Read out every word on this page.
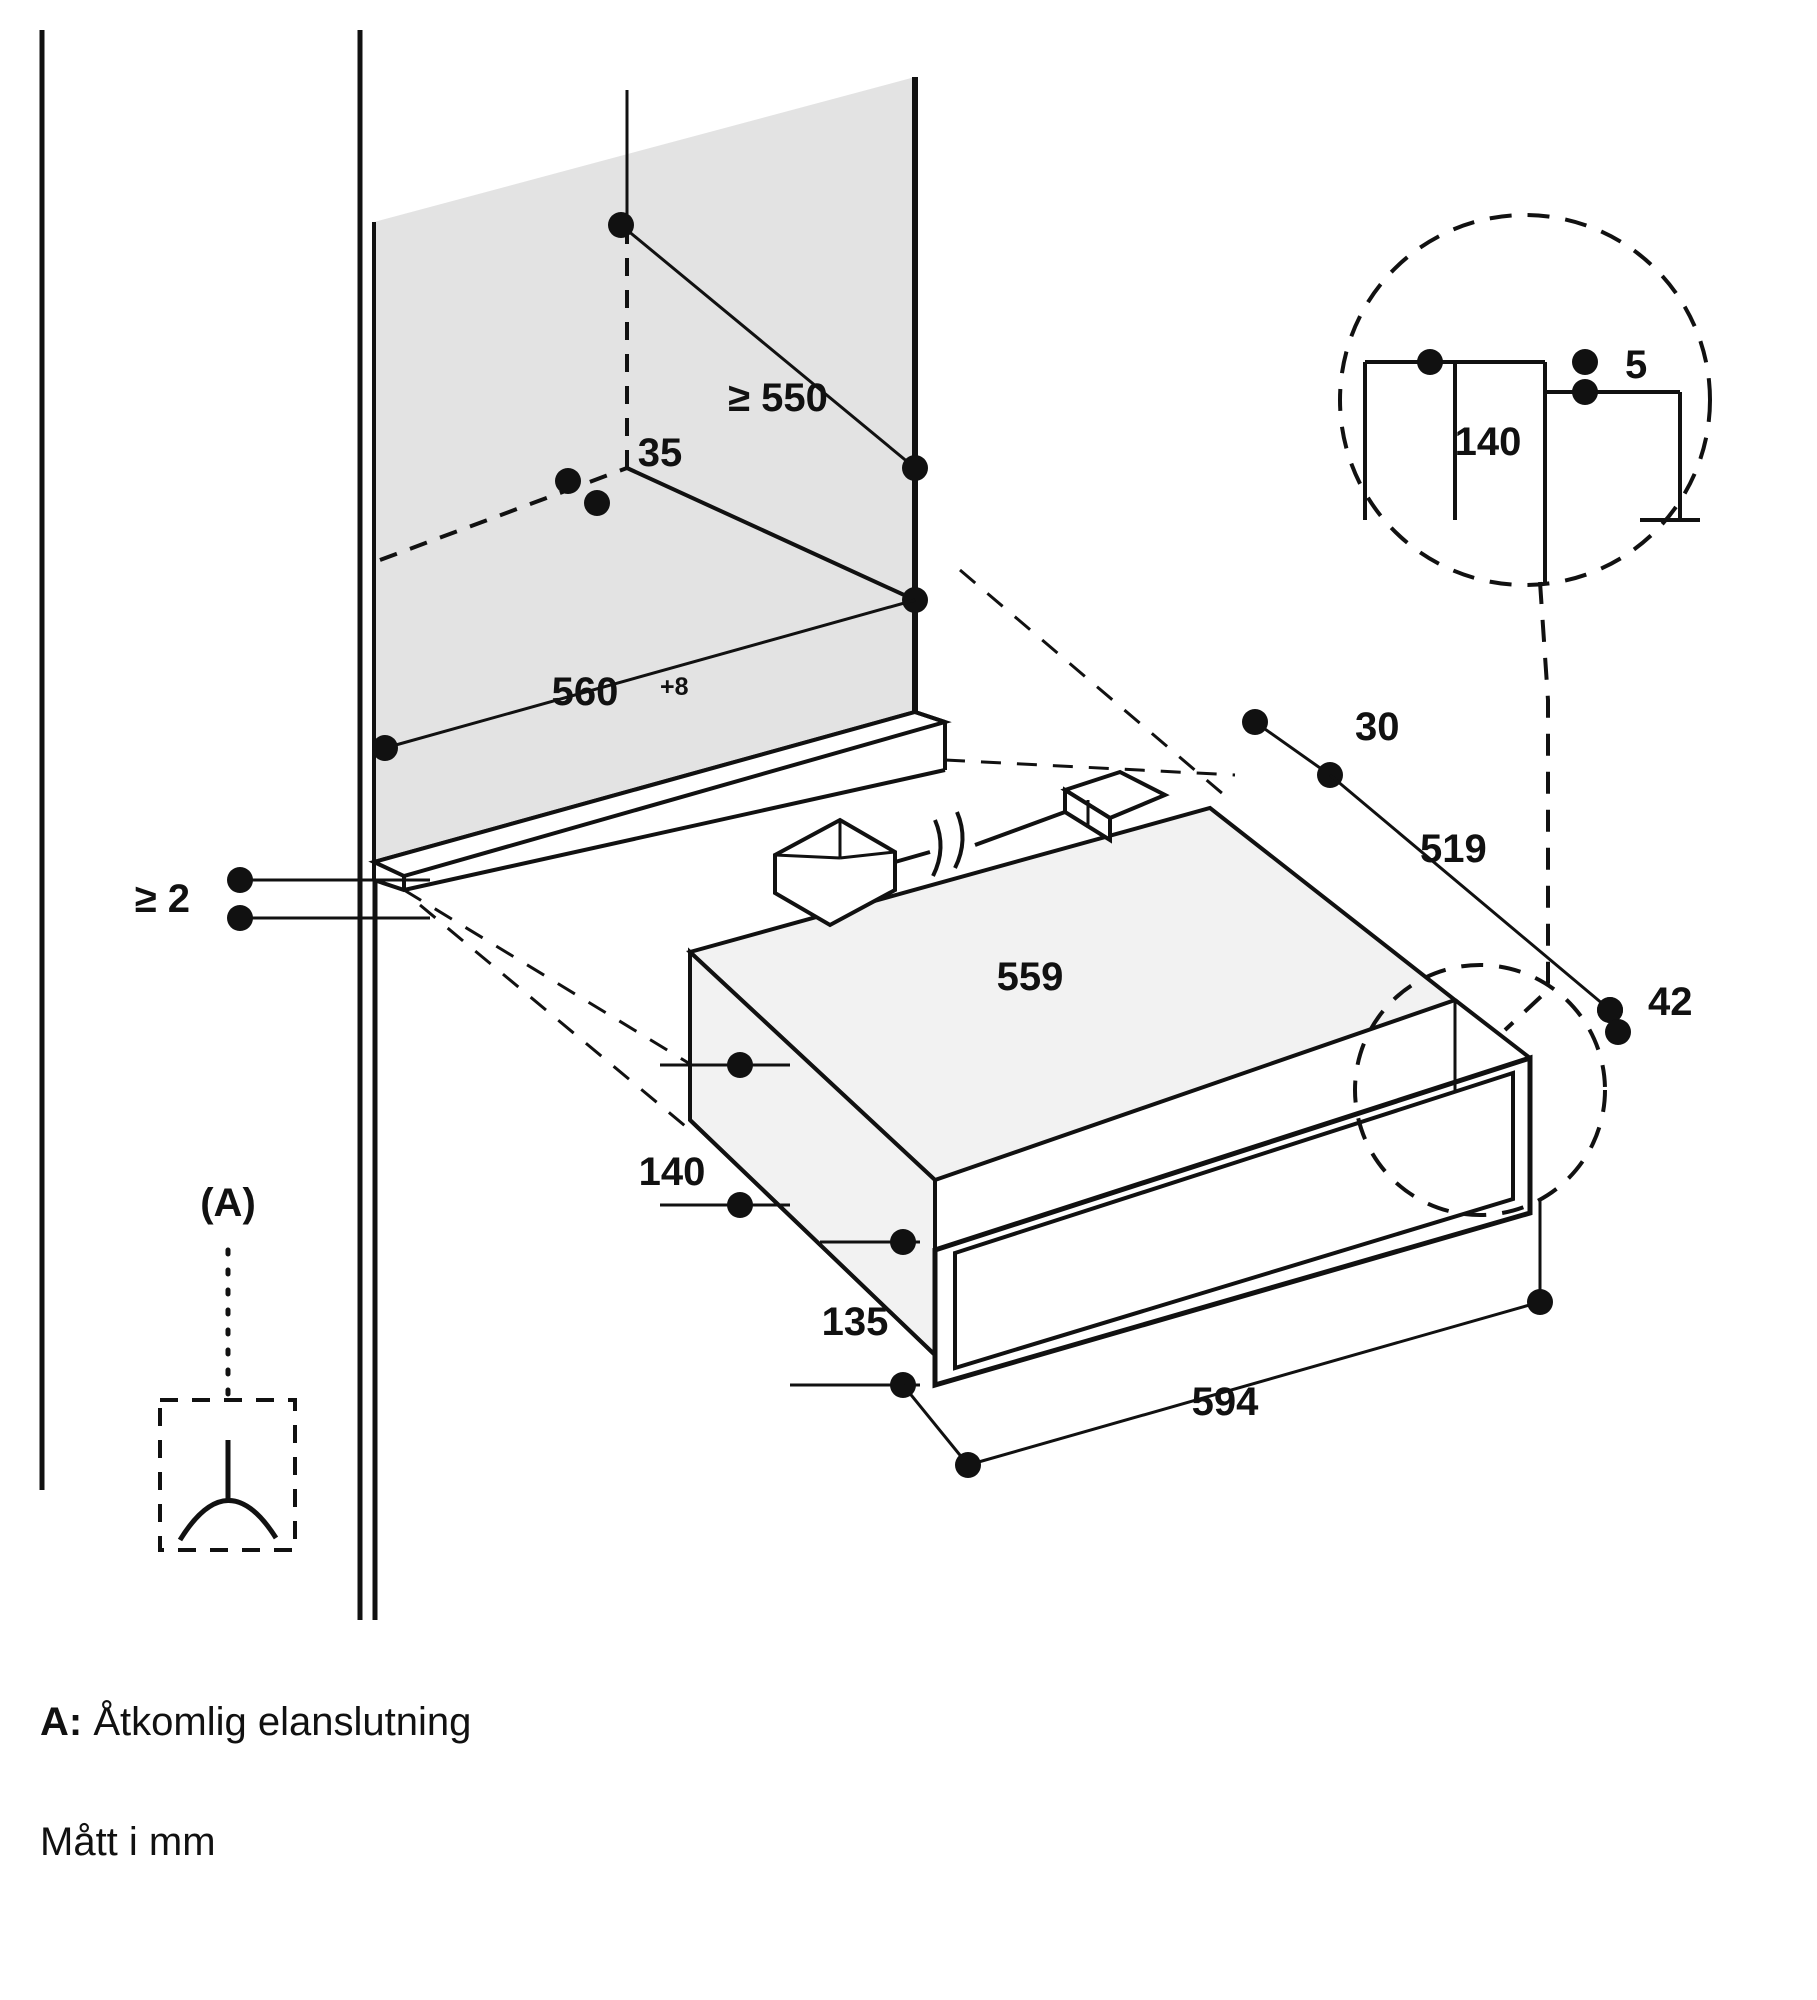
≥ 550
35
560 +8
≥ 2
30
519
42
559
140
135
594
140
5
(A)
A: Åtkomlig elanslutning
Mått i mm
